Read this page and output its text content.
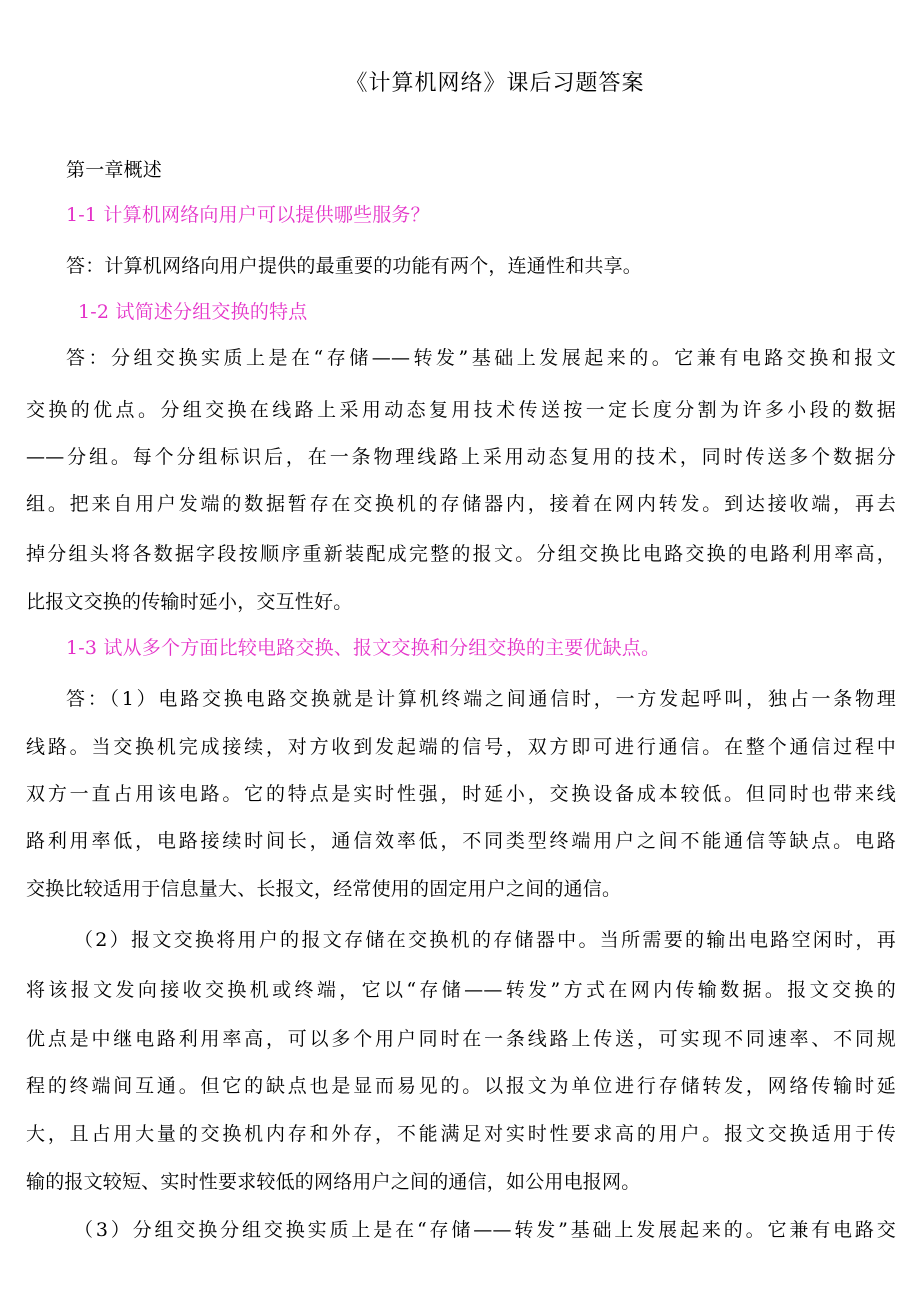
《计算机网络》课后习题答案
第一章概述
1-1 计算机网络向用户可以提供哪些服务？
答：计算机网络向用户提供的最重要的功能有两个，连通性和共享。
1-2 试简述分组交换的特点
答：分组交换实质上是在“存储——转发”基础上发展起来的。它兼有电路交换和报文
交换的优点。分组交换在线路上采用动态复用技术传送按一定长度分割为许多小段的数据
——分组。每个分组标识后，在一条物理线路上采用动态复用的技术，同时传送多个数据分
组。把来自用户发端的数据暂存在交换机的存储器内，接着在网内转发。到达接收端，再去
掉分组头将各数据字段按顺序重新装配成完整的报文。分组交换比电路交换的电路利用率高，
比报文交换的传输时延小，交互性好。
1-3 试从多个方面比较电路交换、报文交换和分组交换的主要优缺点。
答：（1）电路交换电路交换就是计算机终端之间通信时，一方发起呼叫，独占一条物理
线路。当交换机完成接续，对方收到发起端的信号，双方即可进行通信。在整个通信过程中
双方一直占用该电路。它的特点是实时性强，时延小，交换设备成本较低。但同时也带来线
路利用率低，电路接续时间长，通信效率低，不同类型终端用户之间不能通信等缺点。电路
交换比较适用于信息量大、长报文，经常使用的固定用户之间的通信。
（2）报文交换将用户的报文存储在交换机的存储器中。当所需要的输出电路空闲时，再
将该报文发向接收交换机或终端，它以“存储——转发”方式在网内传输数据。报文交换的
优点是中继电路利用率高，可以多个用户同时在一条线路上传送，可实现不同速率、不同规
程的终端间互通。但它的缺点也是显而易见的。以报文为单位进行存储转发，网络传输时延
大，且占用大量的交换机内存和外存，不能满足对实时性要求高的用户。报文交换适用于传
输的报文较短、实时性要求较低的网络用户之间的通信，如公用电报网。
（3）分组交换分组交换实质上是在“存储——转发”基础上发展起来的。它兼有电路交
